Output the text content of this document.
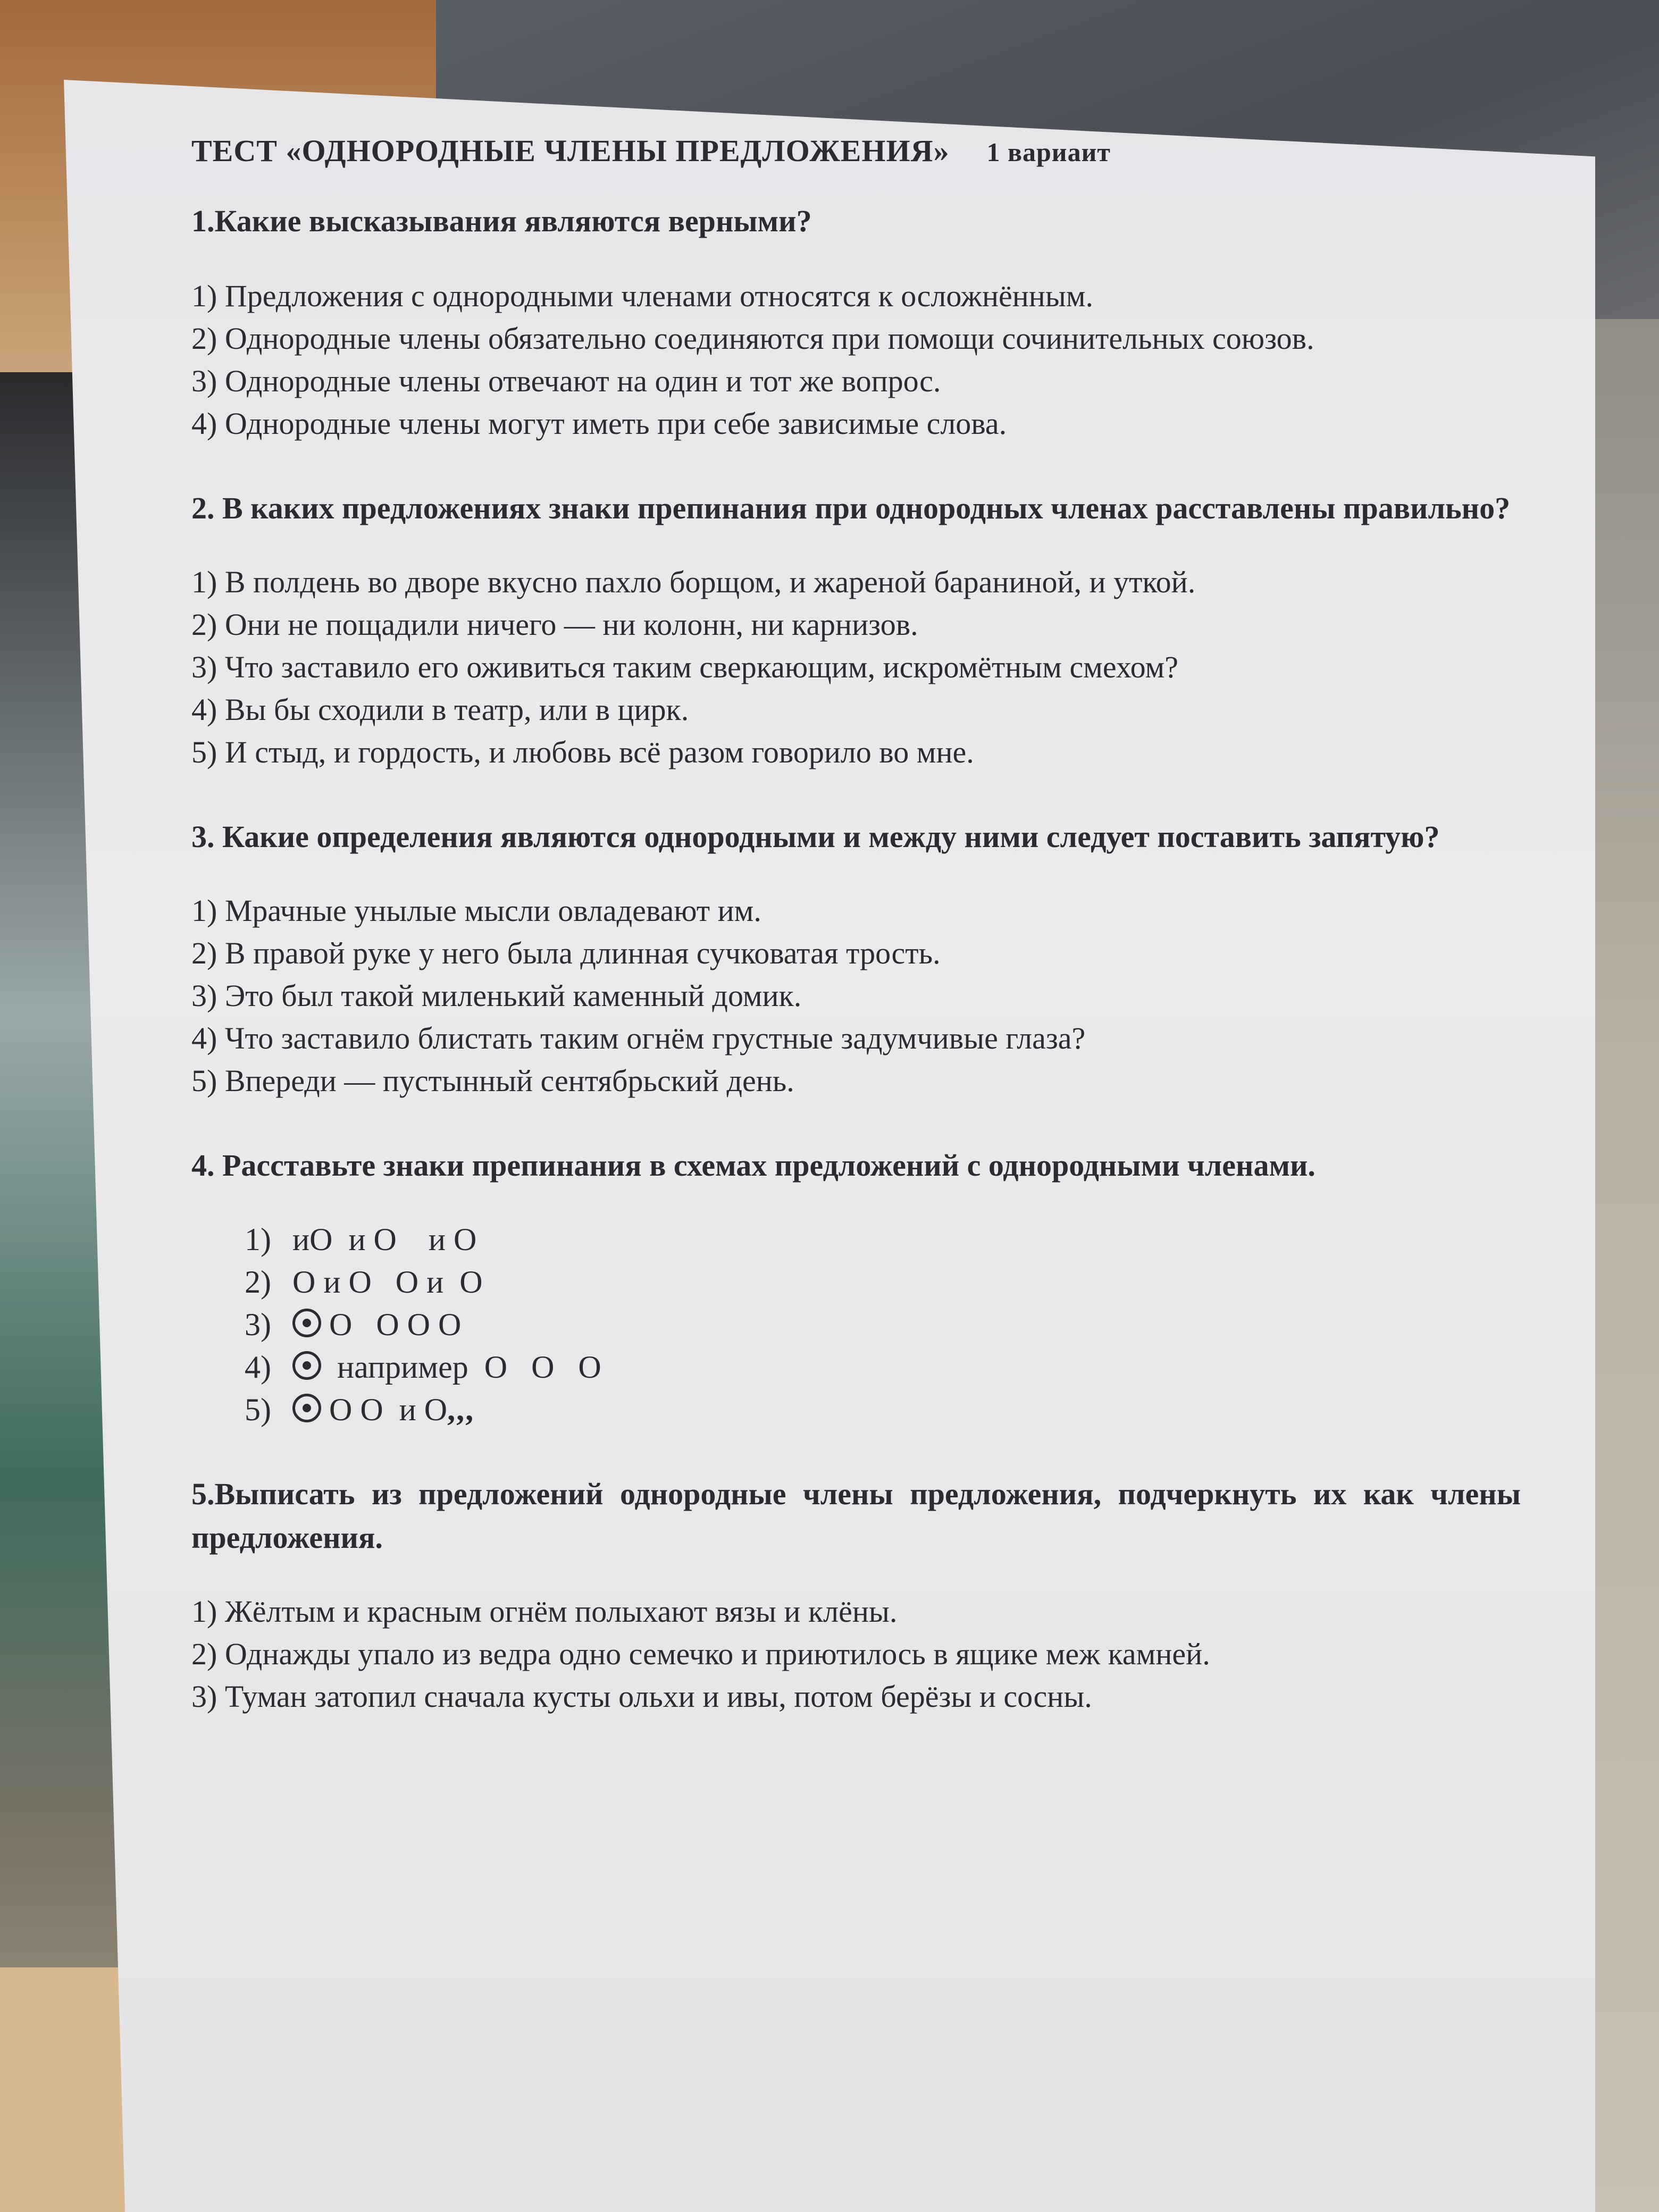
ТЕСТ «ОДНОРОДНЫЕ ЧЛЕНЫ ПРЕДЛОЖЕНИЯ» 1 вариаит
1.Какие высказывания являются верными?
1) Предложения с однородными членами относятся к осложнённым.
2) Однородные члены обязательно соединяются при помощи сочинительных союзов.
3) Однородные члены отвечают на один и тот же вопрос.
4) Однородные члены могут иметь при себе зависимые слова.
2. В каких предложениях знаки препинания при однородных членах расставлены правильно?
1) В полдень во дворе вкусно пахло борщом, и жареной бараниной, и уткой.
2) Они не пощадили ничего — ни колонн, ни карнизов.
3) Что заставило его оживиться таким сверкающим, искромётным смехом?
4) Вы бы сходили в театр, или в цирк.
5) И стыд, и гордость, и любовь всё разом говорило во мне.
3. Какие определения являются однородными и между ними следует поставить запятую?
1) Мрачные унылые мысли овладевают им.
2) В правой руке у него была длинная сучковатая трость.
3) Это был такой миленький каменный домик.
4) Что заставило блистать таким огнём грустные задумчивые глаза?
5) Впереди — пустынный сентябрьский день.
4. Расставьте знаки препинания в схемах предложений с однородными членами.
1) иО  и О    и О
2) О и О   О и  О
3) О   О О О
4) например  О   О   О
5) О О  и О,,,
5.Выписать из предложений однородные члены предложения, подчеркнуть их как члены предложения.
1) Жёлтым и красным огнём полыхают вязы и клёны.
2) Однажды упало из ведра одно семечко и приютилось в ящике меж камней.
3) Туман затопил сначала кусты ольхи и ивы, потом берёзы и сосны.
